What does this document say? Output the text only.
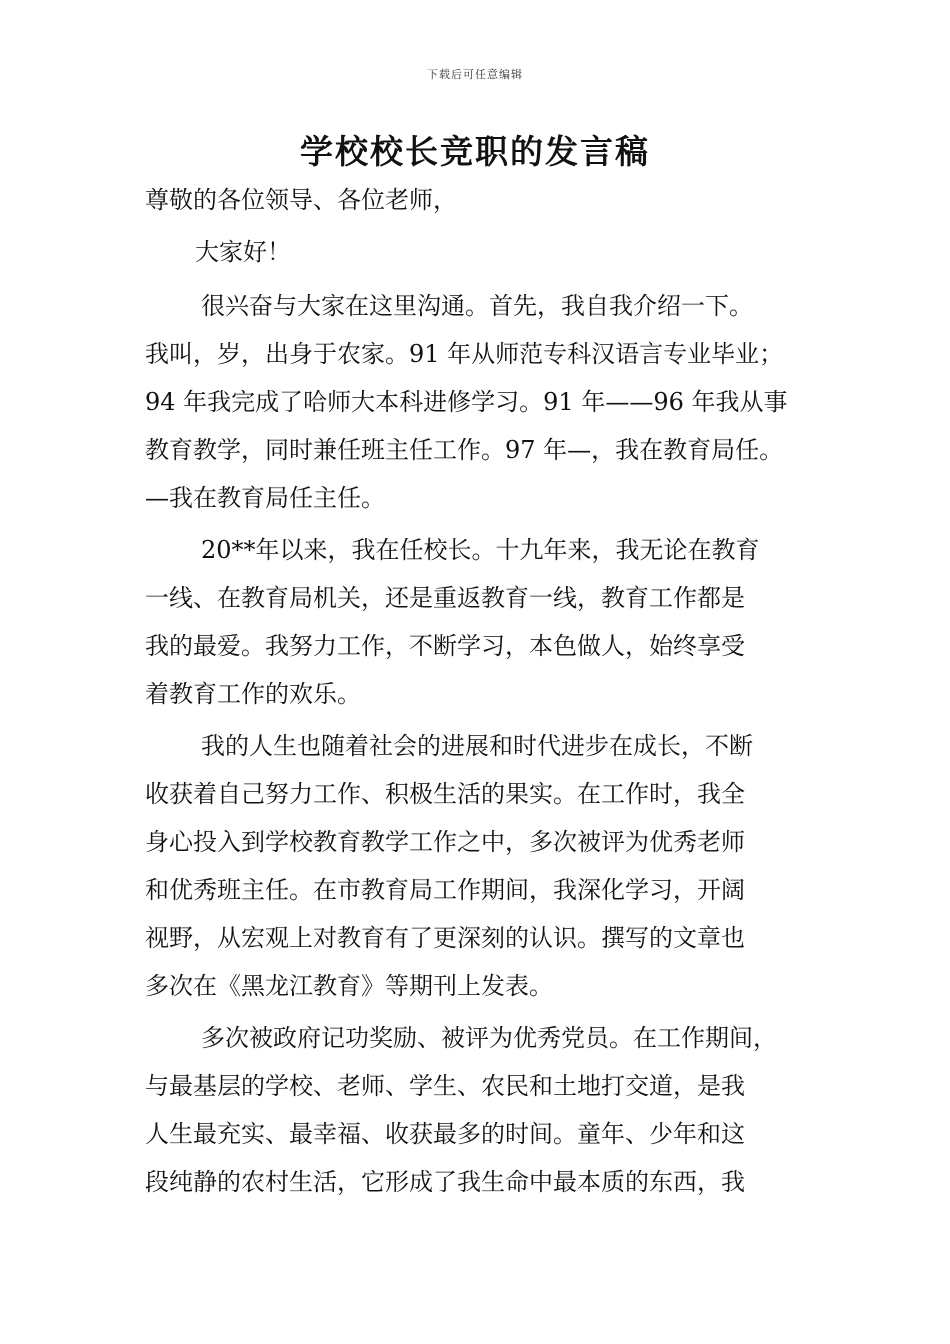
下载后可任意编辑
学校校长竞职的发言稿

尊敬的各位领导、各位老师，

大家好！

很兴奋与大家在这里沟通。首先，我自我介绍一下。
我叫，岁，出身于农家。91 年从师范专科汉语言专业毕业；
94 年我完成了哈师大本科进修学习。91 年——96 年我从事
教育教学，同时兼任班主任工作。97 年—，我在教育局任。
—我在教育局任主任。

20**年以来，我在任校长。十九年来，我无论在教育
一线、在教育局机关，还是重返教育一线，教育工作都是
我的最爱。我努力工作，不断学习，本色做人，始终享受
着教育工作的欢乐。

我的人生也随着社会的进展和时代进步在成长，不断
收获着自己努力工作、积极生活的果实。在工作时，我全
身心投入到学校教育教学工作之中，多次被评为优秀老师
和优秀班主任。在市教育局工作期间，我深化学习，开阔
视野，从宏观上对教育有了更深刻的认识。撰写的文章也
多次在《黑龙江教育》等期刊上发表。

多次被政府记功奖励、被评为优秀党员。在工作期间，
与最基层的学校、老师、学生、农民和土地打交道，是我
人生最充实、最幸福、收获最多的时间。童年、少年和这
段纯静的农村生活，它形成了我生命中最本质的东西，我
